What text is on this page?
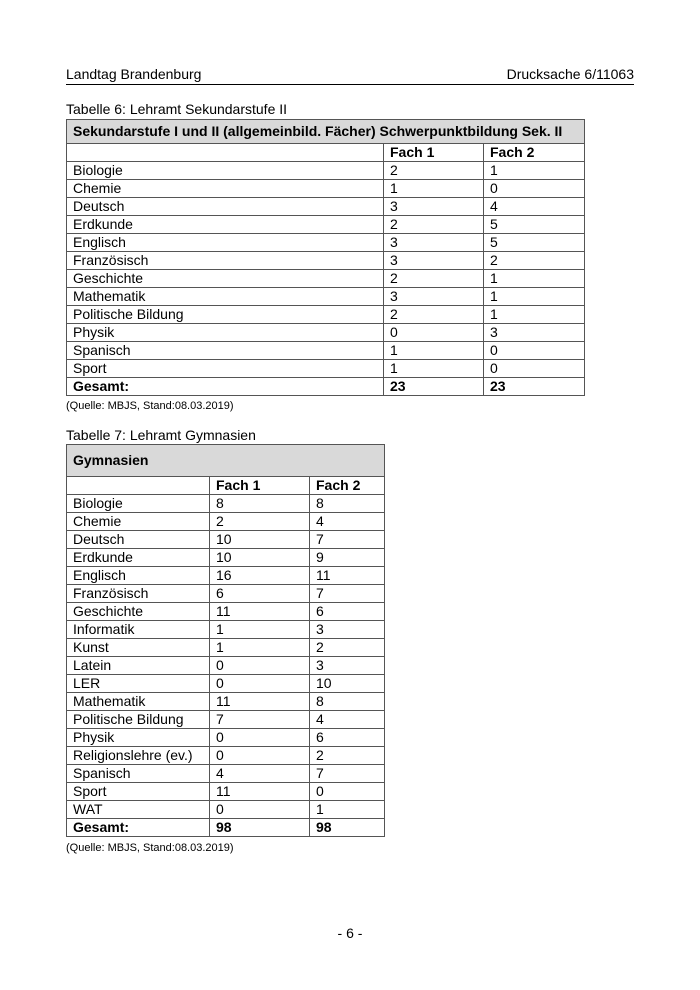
Landtag Brandenburg	Drucksache 6/11063
Tabelle 6: Lehramt Sekundarstufe II
Sekundarstufe I und II (allgemeinbild. Fächer) Schwerpunktbildung Sek. II		
	Fach 1	Fach 2
Biologie	2	1
Chemie	1	0
Deutsch	3	4
Erdkunde	2	5
Englisch	3	5
Französisch	3	2
Geschichte	2	1
Mathematik	3	1
Politische Bildung	2	1
Physik	0	3
Spanisch	1	0
Sport	1	0
Gesamt:	23	23
(Quelle: MBJS, Stand:08.03.2019)
Tabelle 7: Lehramt Gymnasien
Gymnasien		
	Fach 1	Fach 2
Biologie	8	8
Chemie	2	4
Deutsch	10	7
Erdkunde	10	9
Englisch	16	11
Französisch	6	7
Geschichte	11	6
Informatik	1	3
Kunst	1	2
Latein	0	3
LER	0	10
Mathematik	11	8
Politische Bildung	7	4
Physik	0	6
Religionslehre (ev.)	0	2
Spanisch	4	7
Sport	11	0
WAT	0	1
Gesamt:	98	98
(Quelle: MBJS, Stand:08.03.2019)
- 6 -
